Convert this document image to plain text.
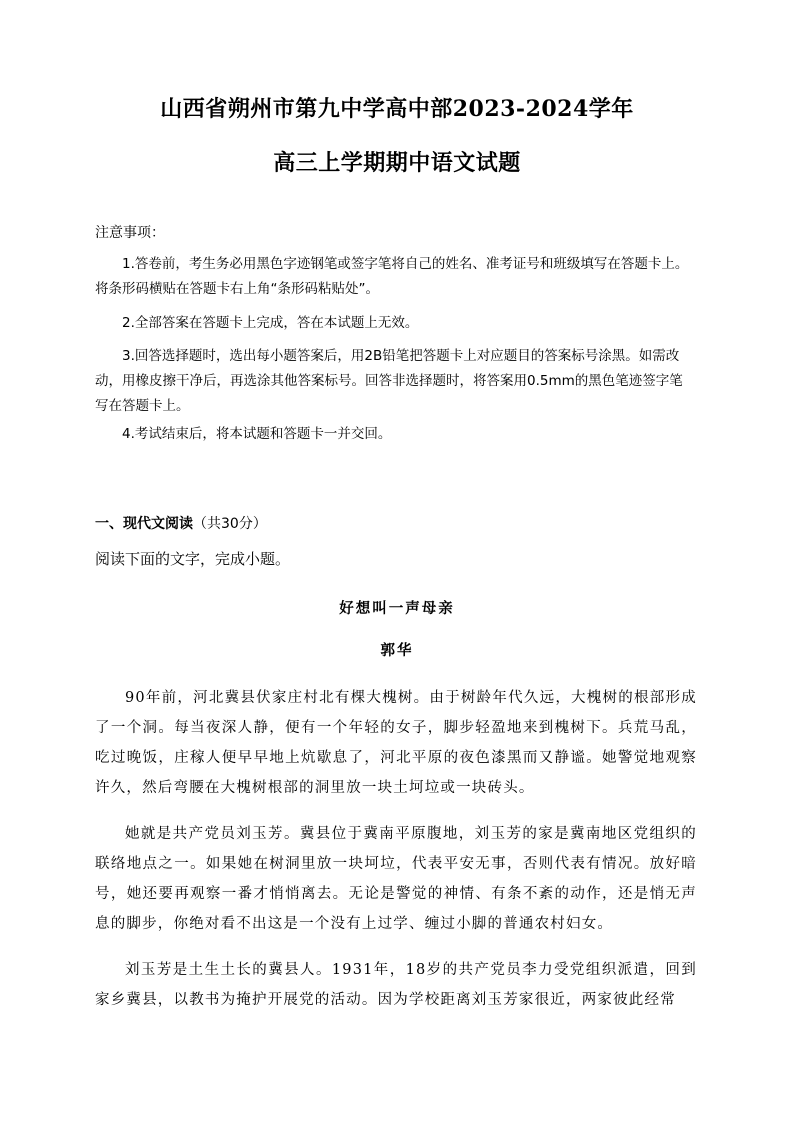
山西省朔州市第九中学高中部2023-2024学年
高三上学期期中语文试题
注意事项：
1.答卷前，考生务必用黑色字迹钢笔或签字笔将自己的姓名、准考证号和班级填写在答题卡上。将条形码横贴在答题卡右上角“条形码粘贴处”。
2.全部答案在答题卡上完成，答在本试题上无效。
3.回答选择题时，选出每小题答案后，用2B铅笔把答题卡上对应题目的答案标号涂黑。如需改动，用橡皮擦干净后，再选涂其他答案标号。回答非选择题时，将答案用0.5mm的黑色笔迹签字笔写在答题卡上。
4.考试结束后，将本试题和答题卡一并交回。
一、现代文阅读（共30分）
阅读下面的文字，完成小题。
好想叫一声母亲
郭华
90年前，河北冀县伏家庄村北有棵大槐树。由于树龄年代久远，大槐树的根部形成了一个洞。每当夜深人静，便有一个年轻的女子，脚步轻盈地来到槐树下。兵荒马乱，吃过晚饭，庄稼人便早早地上炕歇息了，河北平原的夜色漆黑而又静谧。她警觉地观察许久，然后弯腰在大槐树根部的洞里放一块土坷垃或一块砖头。
她就是共产党员刘玉芳。冀县位于冀南平原腹地，刘玉芳的家是冀南地区党组织的联络地点之一。如果她在树洞里放一块坷垃，代表平安无事，否则代表有情况。放好暗号，她还要再观察一番才悄悄离去。无论是警觉的神情、有条不紊的动作，还是悄无声息的脚步，你绝对看不出这是一个没有上过学、缠过小脚的普通农村妇女。
刘玉芳是土生土长的冀县人。1931年，18岁的共产党员李力受党组织派遣，回到家乡冀县，以教书为掩护开展党的活动。因为学校距离刘玉芳家很近，两家彼此经常
